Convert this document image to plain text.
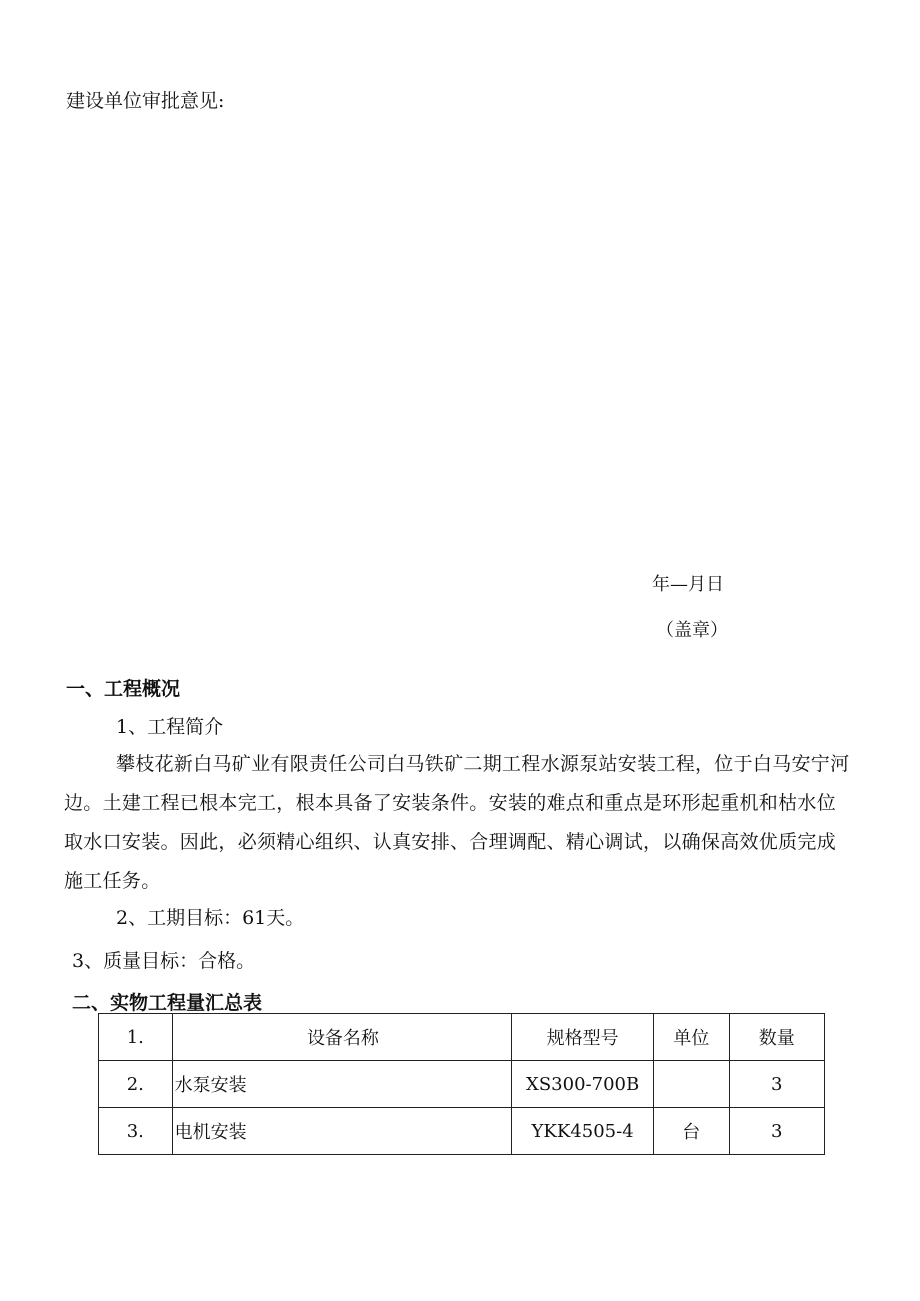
建设单位审批意见:
年—月日
（盖章）
一、工程概况
1、工程简介
攀枝花新白马矿业有限责任公司白马铁矿二期工程水源泵站安装工程，位于白马安宁河边。土建工程已根本完工，根本具备了安装条件。安装的难点和重点是环形起重机和枯水位取水口安装。因此，必须精心组织、认真安排、合理调配、精心调试，以确保高效优质完成施工任务。
2、工期目标：61天。
3、质量目标：合格。
二、实物工程量汇总表
1.	设备名称	规格型号	单位	数量
2.	水泵安装	XS300-700B		3
3.	电机安装	YKK4505-4	台	3
